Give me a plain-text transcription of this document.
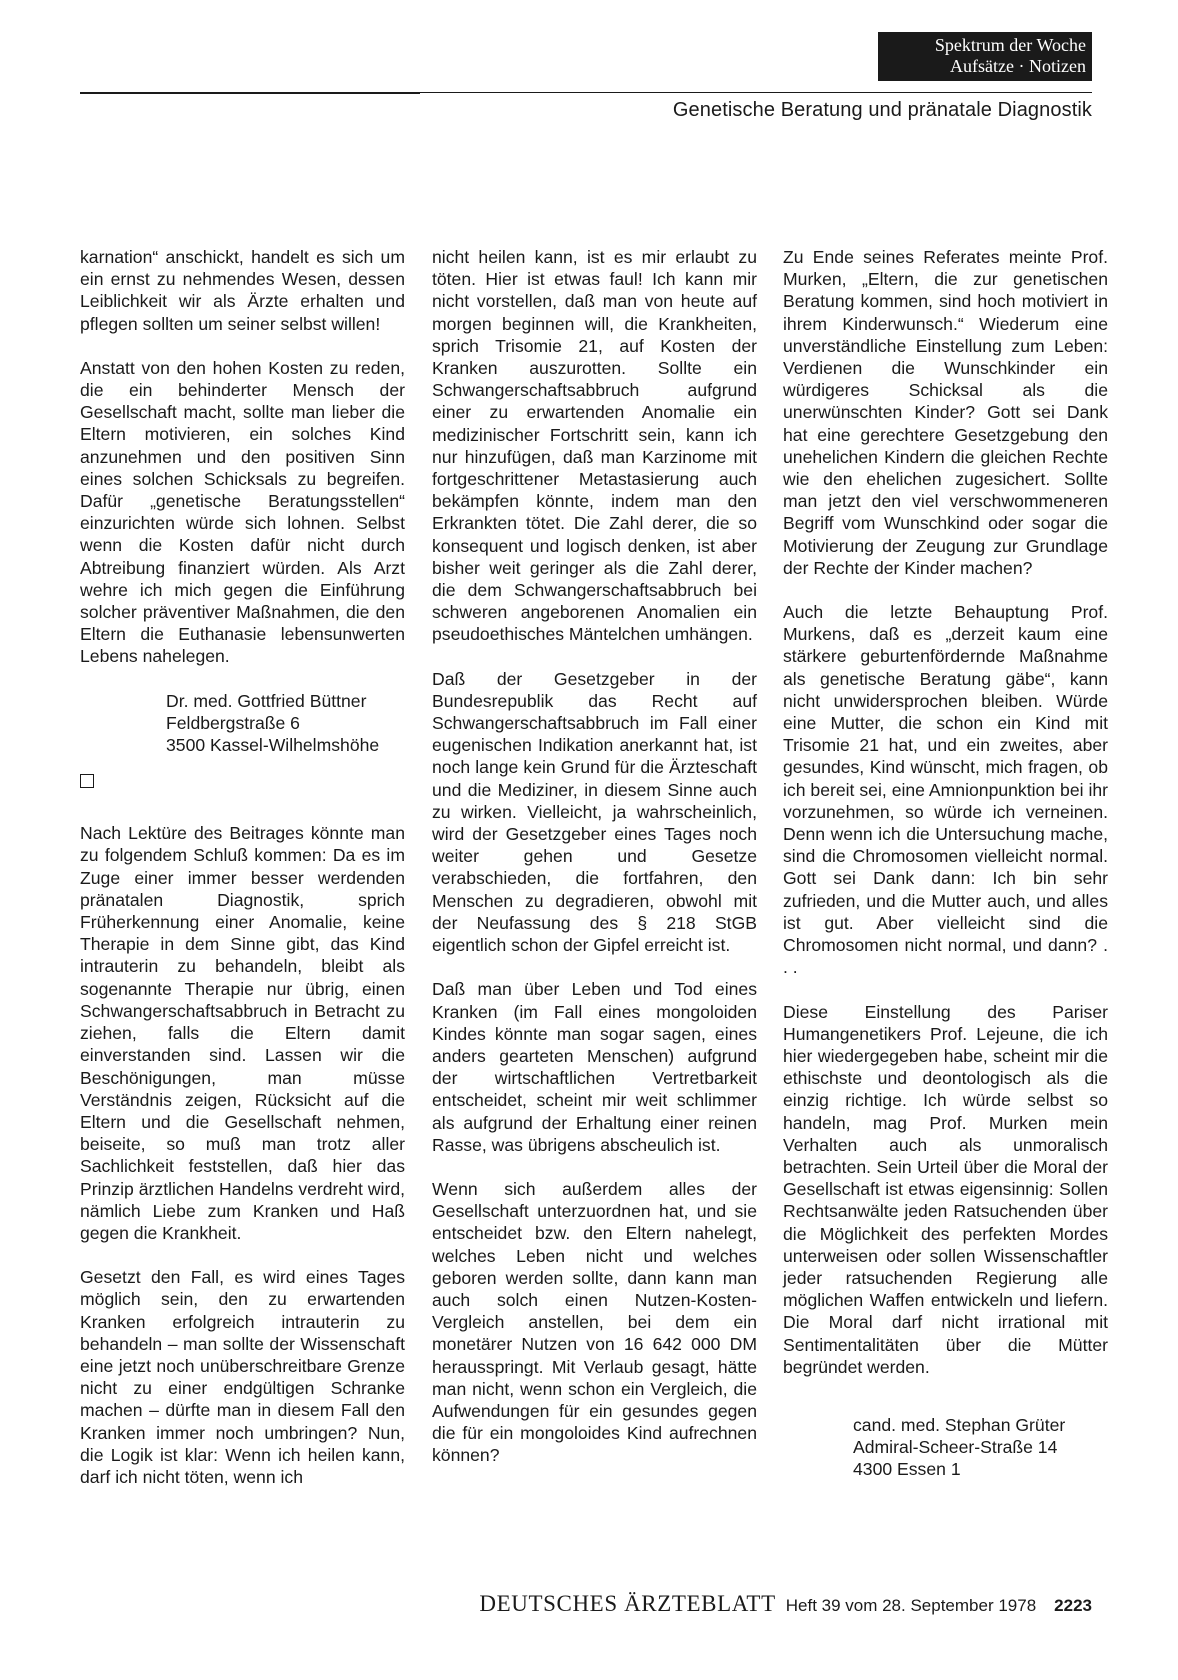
Spektrum der Woche
Aufsätze · Notizen
Genetische Beratung und pränatale Diagnostik

karnation“ anschickt, handelt es sich um ein ernst zu nehmendes Wesen, dessen Leiblichkeit wir als Ärzte erhalten und pflegen sollten um seiner selbst willen!

Anstatt von den hohen Kosten zu reden, die ein behinderter Mensch der Gesellschaft macht, sollte man lieber die Eltern motivieren, ein solches Kind anzunehmen und den positiven Sinn eines solchen Schicksals zu begreifen. Dafür „genetische Beratungsstellen“ einzurichten würde sich lohnen. Selbst wenn die Kosten dafür nicht durch Abtreibung finanziert würden. Als Arzt wehre ich mich gegen die Einführung solcher präventiver Maßnahmen, die den Eltern die Euthanasie lebensunwerten Lebens nahelegen.

Dr. med. Gottfried Büttner
Feldbergstraße 6
3500 Kassel-Wilhelmshöhe

Nach Lektüre des Beitrages könnte man zu folgendem Schluß kommen: Da es im Zuge einer immer besser werdenden pränatalen Diagnostik, sprich Früherkennung einer Anomalie, keine Therapie in dem Sinne gibt, das Kind intrauterin zu behandeln, bleibt als sogenannte Therapie nur übrig, einen Schwangerschaftsabbruch in Betracht zu ziehen, falls die Eltern damit einverstanden sind. Lassen wir die Beschönigungen, man müsse Verständnis zeigen, Rücksicht auf die Eltern und die Gesellschaft nehmen, beiseite, so muß man trotz aller Sachlichkeit feststellen, daß hier das Prinzip ärztlichen Handelns verdreht wird, nämlich Liebe zum Kranken und Haß gegen die Krankheit.

Gesetzt den Fall, es wird eines Tages möglich sein, den zu erwartenden Kranken erfolgreich intrauterin zu behandeln – man sollte der Wissenschaft eine jetzt noch unüberschreitbare Grenze nicht zu einer endgültigen Schranke machen – dürfte man in diesem Fall den Kranken immer noch umbringen? Nun, die Logik ist klar: Wenn ich heilen kann, darf ich nicht töten, wenn ich

nicht heilen kann, ist es mir erlaubt zu töten. Hier ist etwas faul! Ich kann mir nicht vorstellen, daß man von heute auf morgen beginnen will, die Krankheiten, sprich Trisomie 21, auf Kosten der Kranken auszurotten. Sollte ein Schwangerschaftsabbruch aufgrund einer zu erwartenden Anomalie ein medizinischer Fortschritt sein, kann ich nur hinzufügen, daß man Karzinome mit fortgeschrittener Metastasierung auch bekämpfen könnte, indem man den Erkrankten tötet. Die Zahl derer, die so konsequent und logisch denken, ist aber bisher weit geringer als die Zahl derer, die dem Schwangerschaftsabbruch bei schweren angeborenen Anomalien ein pseudoethisches Mäntelchen umhängen.

Daß der Gesetzgeber in der Bundesrepublik das Recht auf Schwangerschaftsabbruch im Fall einer eugenischen Indikation anerkannt hat, ist noch lange kein Grund für die Ärzteschaft und die Mediziner, in diesem Sinne auch zu wirken. Vielleicht, ja wahrscheinlich, wird der Gesetzgeber eines Tages noch weiter gehen und Gesetze verabschieden, die fortfahren, den Menschen zu degradieren, obwohl mit der Neufassung des § 218 StGB eigentlich schon der Gipfel erreicht ist.

Daß man über Leben und Tod eines Kranken (im Fall eines mongoloiden Kindes könnte man sogar sagen, eines anders gearteten Menschen) aufgrund der wirtschaftlichen Vertretbarkeit entscheidet, scheint mir weit schlimmer als aufgrund der Erhaltung einer reinen Rasse, was übrigens abscheulich ist.

Wenn sich außerdem alles der Gesellschaft unterzuordnen hat, und sie entscheidet bzw. den Eltern nahelegt, welches Leben nicht und welches geboren werden sollte, dann kann man auch solch einen Nutzen-Kosten-Vergleich anstellen, bei dem ein monetärer Nutzen von 16 642 000 DM herausspringt. Mit Verlaub gesagt, hätte man nicht, wenn schon ein Vergleich, die Aufwendungen für ein gesundes gegen die für ein mongoloides Kind aufrechnen können?

Zu Ende seines Referates meinte Prof. Murken, „Eltern, die zur genetischen Beratung kommen, sind hoch motiviert in ihrem Kinderwunsch.“ Wiederum eine unverständliche Einstellung zum Leben: Verdienen die Wunschkinder ein würdigeres Schicksal als die unerwünschten Kinder? Gott sei Dank hat eine gerechtere Gesetzgebung den unehelichen Kindern die gleichen Rechte wie den ehelichen zugesichert. Sollte man jetzt den viel verschwommeneren Begriff vom Wunschkind oder sogar die Motivierung der Zeugung zur Grundlage der Rechte der Kinder machen?

Auch die letzte Behauptung Prof. Murkens, daß es „derzeit kaum eine stärkere geburtenfördernde Maßnahme als genetische Beratung gäbe“, kann nicht unwidersprochen bleiben. Würde eine Mutter, die schon ein Kind mit Trisomie 21 hat, und ein zweites, aber gesundes, Kind wünscht, mich fragen, ob ich bereit sei, eine Amnionpunktion bei ihr vorzunehmen, so würde ich verneinen. Denn wenn ich die Untersuchung mache, sind die Chromosomen vielleicht normal. Gott sei Dank dann: Ich bin sehr zufrieden, und die Mutter auch, und alles ist gut. Aber vielleicht sind die Chromosomen nicht normal, und dann? . . .

Diese Einstellung des Pariser Humangenetikers Prof. Lejeune, die ich hier wiedergegeben habe, scheint mir die ethischste und deontologisch als die einzig richtige. Ich würde selbst so handeln, mag Prof. Murken mein Verhalten auch als unmoralisch betrachten. Sein Urteil über die Moral der Gesellschaft ist etwas eigensinnig: Sollen Rechtsanwälte jeden Ratsuchenden über die Möglichkeit des perfekten Mordes unterweisen oder sollen Wissenschaftler jeder ratsuchenden Regierung alle möglichen Waffen entwickeln und liefern. Die Moral darf nicht irrational mit Sentimentalitäten über die Mütter begründet werden.

cand. med. Stephan Grüter
Admiral-Scheer-Straße 14
4300 Essen 1
DEUTSCHES ÄRZTEBLATT Heft 39 vom 28. September 1978 2223
